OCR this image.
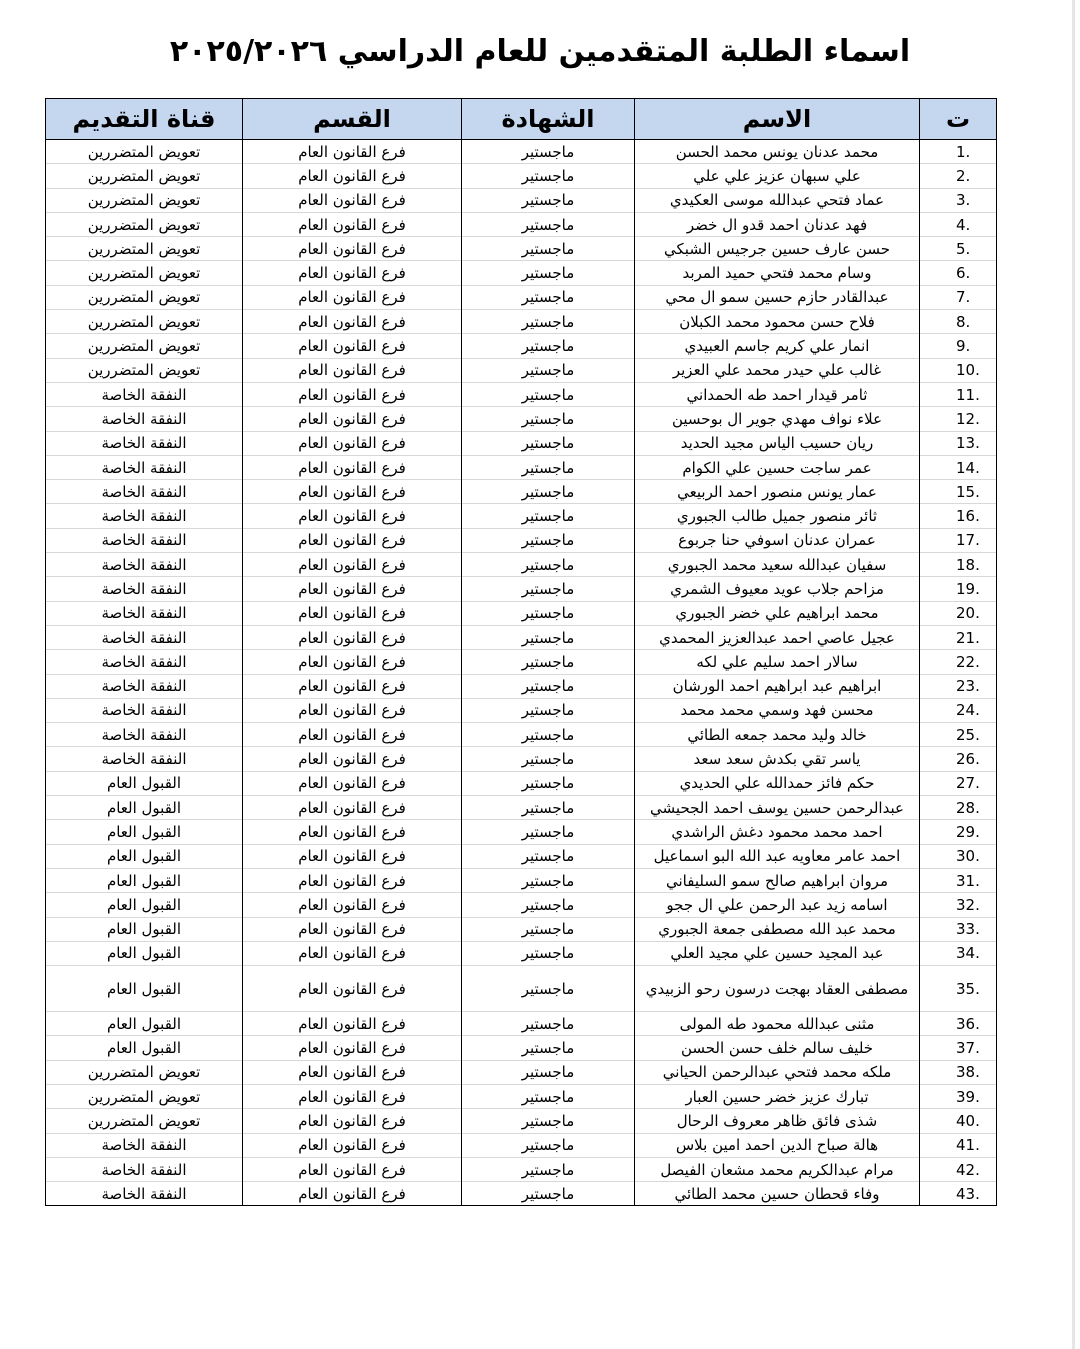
اسماء الطلبة المتقدمين للعام الدراسي ٢٠٢٥/٢٠٢٦
ت	الاسم	الشهادة	القسم	قناة التقديم
1.	محمد عدنان يونس محمد الحسن	ماجستير	فرع القانون العام	تعويض المتضررين
2.	علي سبهان عزيز علي علي	ماجستير	فرع القانون العام	تعويض المتضررين
3.	عماد فتحي عبدالله موسى العكيدي	ماجستير	فرع القانون العام	تعويض المتضررين
4.	فهد عدنان احمد قدو ال خضر	ماجستير	فرع القانون العام	تعويض المتضررين
5.	حسن عارف حسين جرجيس الشبكي	ماجستير	فرع القانون العام	تعويض المتضررين
6.	وسام محمد فتحي حميد المربد	ماجستير	فرع القانون العام	تعويض المتضررين
7.	عبدالقادر حازم حسين سمو ال محي	ماجستير	فرع القانون العام	تعويض المتضررين
8.	فلاح حسن محمود محمد الكبلان	ماجستير	فرع القانون العام	تعويض المتضررين
9.	انمار علي كريم جاسم العبيدي	ماجستير	فرع القانون العام	تعويض المتضررين
10.	غالب علي حيدر محمد علي العزير	ماجستير	فرع القانون العام	تعويض المتضررين
11.	ثامر قيدار احمد طه الحمداني	ماجستير	فرع القانون العام	النفقة الخاصة
12.	علاء نواف مهدي جوير ال بوحسين	ماجستير	فرع القانون العام	النفقة الخاصة
13.	ريان حسيب الياس مجيد الحديد	ماجستير	فرع القانون العام	النفقة الخاصة
14.	عمر ساجت حسين علي الكوام	ماجستير	فرع القانون العام	النفقة الخاصة
15.	عمار يونس منصور احمد الربيعي	ماجستير	فرع القانون العام	النفقة الخاصة
16.	ثائر منصور جميل طالب الجبوري	ماجستير	فرع القانون العام	النفقة الخاصة
17.	عمران عدنان اسوفي حنا جربوع	ماجستير	فرع القانون العام	النفقة الخاصة
18.	سفيان عبدالله سعيد محمد الجبوري	ماجستير	فرع القانون العام	النفقة الخاصة
19.	مزاحم جلاب عويد معيوف الشمري	ماجستير	فرع القانون العام	النفقة الخاصة
20.	محمد ابراهيم علي خضر الجبوري	ماجستير	فرع القانون العام	النفقة الخاصة
21.	عجيل عاصي احمد عبدالعزيز المحمدي	ماجستير	فرع القانون العام	النفقة الخاصة
22.	سالار احمد سليم علي لكه	ماجستير	فرع القانون العام	النفقة الخاصة
23.	ابراهيم عبد ابراهيم احمد الورشان	ماجستير	فرع القانون العام	النفقة الخاصة
24.	محسن فهد وسمي محمد محمد	ماجستير	فرع القانون العام	النفقة الخاصة
25.	خالد وليد محمد جمعه الطائي	ماجستير	فرع القانون العام	النفقة الخاصة
26.	ياسر تقي بكدش سعد سعد	ماجستير	فرع القانون العام	النفقة الخاصة
27.	حكم فائز حمدالله علي الحديدي	ماجستير	فرع القانون العام	القبول العام
28.	عبدالرحمن حسين يوسف احمد الجحيشي	ماجستير	فرع القانون العام	القبول العام
29.	احمد محمد محمود دغش الراشدي	ماجستير	فرع القانون العام	القبول العام
30.	احمد عامر معاويه عبد الله البو اسماعيل	ماجستير	فرع القانون العام	القبول العام
31.	مروان ابراهيم صالح سمو السليفاني	ماجستير	فرع القانون العام	القبول العام
32.	اسامه زيد عبد الرحمن علي ال ججو	ماجستير	فرع القانون العام	القبول العام
33.	محمد عبد الله مصطفى جمعة الجبوري	ماجستير	فرع القانون العام	القبول العام
34.	عبد المجيد حسين علي مجيد العلي	ماجستير	فرع القانون العام	القبول العام
35.	مصطفى العقاد بهجت درسون رحو الزبيدي	ماجستير	فرع القانون العام	القبول العام
36.	مثنى عبدالله محمود طه المولى	ماجستير	فرع القانون العام	القبول العام
37.	خليف سالم خلف حسن الحسن	ماجستير	فرع القانون العام	القبول العام
38.	ملكه محمد فتحي عبدالرحمن الحياني	ماجستير	فرع القانون العام	تعويض المتضررين
39.	تبارك عزيز خضر حسين العبار	ماجستير	فرع القانون العام	تعويض المتضررين
40.	شذى فائق ظاهر معروف الرحال	ماجستير	فرع القانون العام	تعويض المتضررين
41.	هالة صباح الدين احمد امين بلاس	ماجستير	فرع القانون العام	النفقة الخاصة
42.	مرام عبدالكريم محمد مشعان الفيصل	ماجستير	فرع القانون العام	النفقة الخاصة
43.	وفاء قحطان حسين محمد الطائي	ماجستير	فرع القانون العام	النفقة الخاصة
